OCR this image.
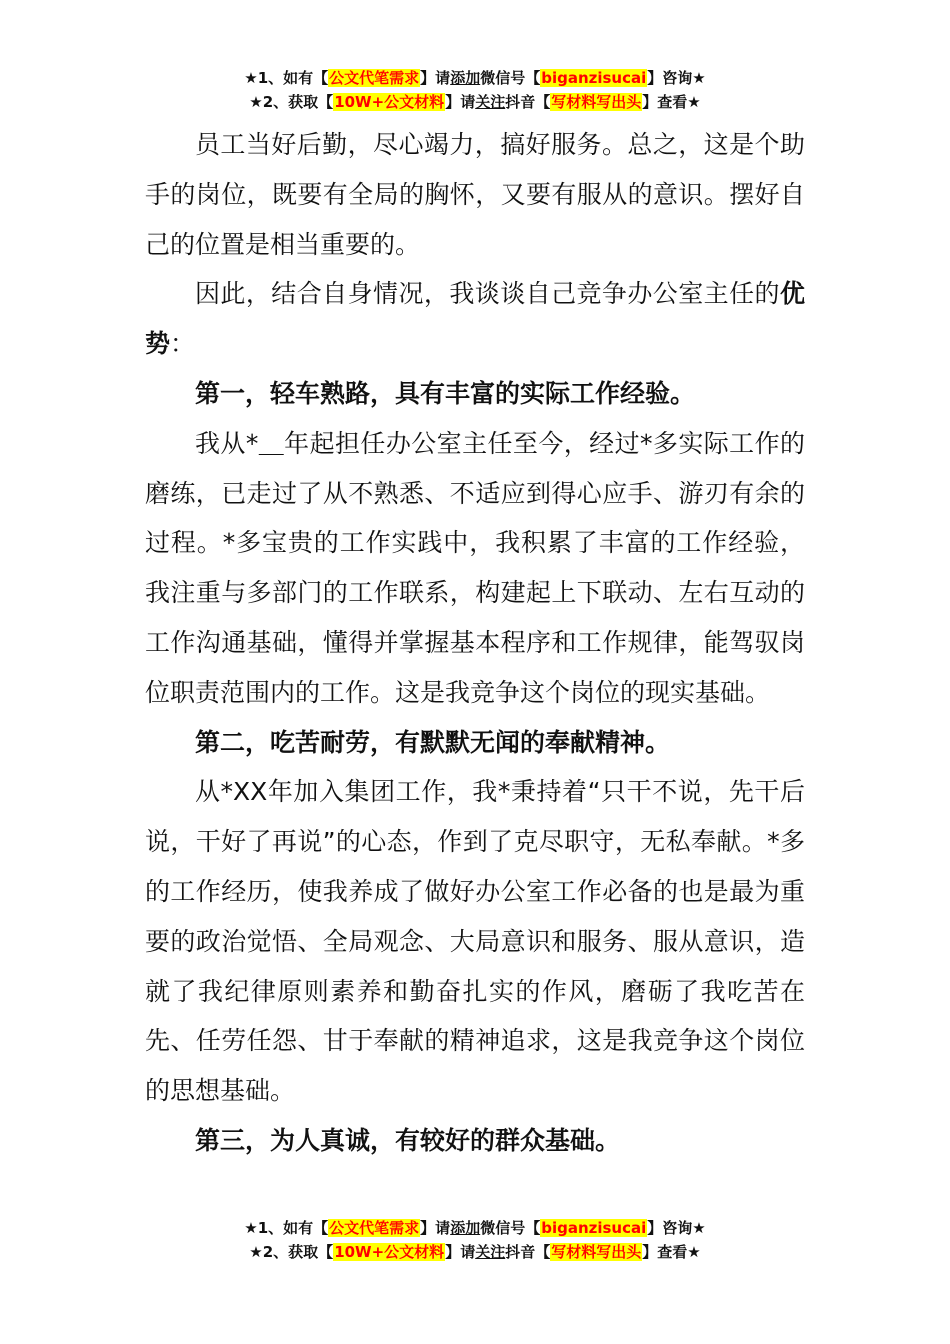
★1、如有【公文代笔需求】请添加微信号【biganzisucai】咨询★
★2、获取【10W+公文材料】请关注抖音【写材料写出头】查看★

员工当好后勤，尽心竭力，搞好服务。总之，这是个助手的岗位，既要有全局的胸怀，又要有服从的意识。摆好自己的位置是相当重要的。

因此，结合自身情况，我谈谈自己竞争办公室主任的优势：

第一，轻车熟路，具有丰富的实际工作经验。

我从*＿年起担任办公室主任至今，经过*多实际工作的磨练，已走过了从不熟悉、不适应到得心应手、游刃有余的过程。*多宝贵的工作实践中，我积累了丰富的工作经验，我注重与多部门的工作联系，构建起上下联动、左右互动的工作沟通基础，懂得并掌握基本程序和工作规律，能驾驭岗位职责范围内的工作。这是我竞争这个岗位的现实基础。

第二，吃苦耐劳，有默默无闻的奉献精神。

从*XX年加入集团工作，我*秉持着“只干不说，先干后说，干好了再说”的心态，作到了克尽职守，无私奉献。*多的工作经历，使我养成了做好办公室工作必备的也是最为重要的政治觉悟、全局观念、大局意识和服务、服从意识，造就了我纪律原则素养和勤奋扎实的作风，磨砺了我吃苦在先、任劳任怨、甘于奉献的精神追求，这是我竞争这个岗位的思想基础。

第三，为人真诚，有较好的群众基础。

★1、如有【公文代笔需求】请添加微信号【biganzisucai】咨询★
★2、获取【10W+公文材料】请关注抖音【写材料写出头】查看★
